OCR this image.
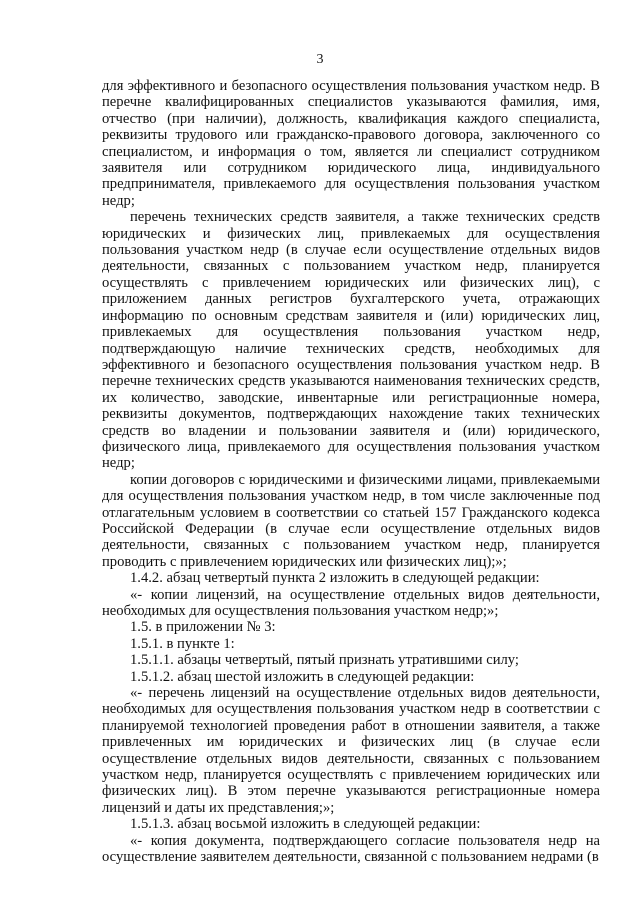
3

для эффективного и безопасного осуществления пользования участком недр. В перечне квалифицированных специалистов указываются фамилия, имя, отчество (при наличии), должность, квалификация каждого специалиста, реквизиты трудового или гражданско-правового договора, заключенного со специалистом, и информация о том, является ли специалист сотрудником заявителя или сотрудником юридического лица, индивидуального предпринимателя, привлекаемого для осуществления пользования участком недр;

перечень технических средств заявителя, а также технических средств юридических и физических лиц, привлекаемых для осуществления пользования участком недр (в случае если осуществление отдельных видов деятельности, связанных с пользованием участком недр, планируется осуществлять с привлечением юридических или физических лиц), с приложением данных регистров бухгалтерского учета, отражающих информацию по основным средствам заявителя и (или) юридических лиц, привлекаемых для осуществления пользования участком недр, подтверждающую наличие технических средств, необходимых для эффективного и безопасного осуществления пользования участком недр. В перечне технических средств указываются наименования технических средств, их количество, заводские, инвентарные или регистрационные номера, реквизиты документов, подтверждающих нахождение таких технических средств во владении и пользовании заявителя и (или) юридического, физического лица, привлекаемого для осуществления пользования участком недр;

копии договоров с юридическими и физическими лицами, привлекаемыми для осуществления пользования участком недр, в том числе заключенные под отлагательным условием в соответствии со статьей 157 Гражданского кодекса Российской Федерации (в случае если осуществление отдельных видов деятельности, связанных с пользованием участком недр, планируется проводить с привлечением юридических или физических лиц);»;

1.4.2. абзац четвертый пункта 2 изложить в следующей редакции:

«- копии лицензий, на осуществление отдельных видов деятельности, необходимых для осуществления пользования участком недр;»;

1.5. в приложении № 3:

1.5.1. в пункте 1:

1.5.1.1. абзацы четвертый, пятый признать утратившими силу;

1.5.1.2. абзац шестой изложить в следующей редакции:

«- перечень лицензий на осуществление отдельных видов деятельности, необходимых для осуществления пользования участком недр в соответствии с планируемой технологией проведения работ в отношении заявителя, а также привлеченных им юридических и физических лиц (в случае если осуществление отдельных видов деятельности, связанных с пользованием участком недр, планируется осуществлять с привлечением юридических или физических лиц). В этом перечне указываются регистрационные номера лицензий и даты их представления;»;

1.5.1.3. абзац восьмой изложить в следующей редакции:

«- копия документа, подтверждающего согласие пользователя недр на осуществление заявителем деятельности, связанной с пользованием недрами (в
